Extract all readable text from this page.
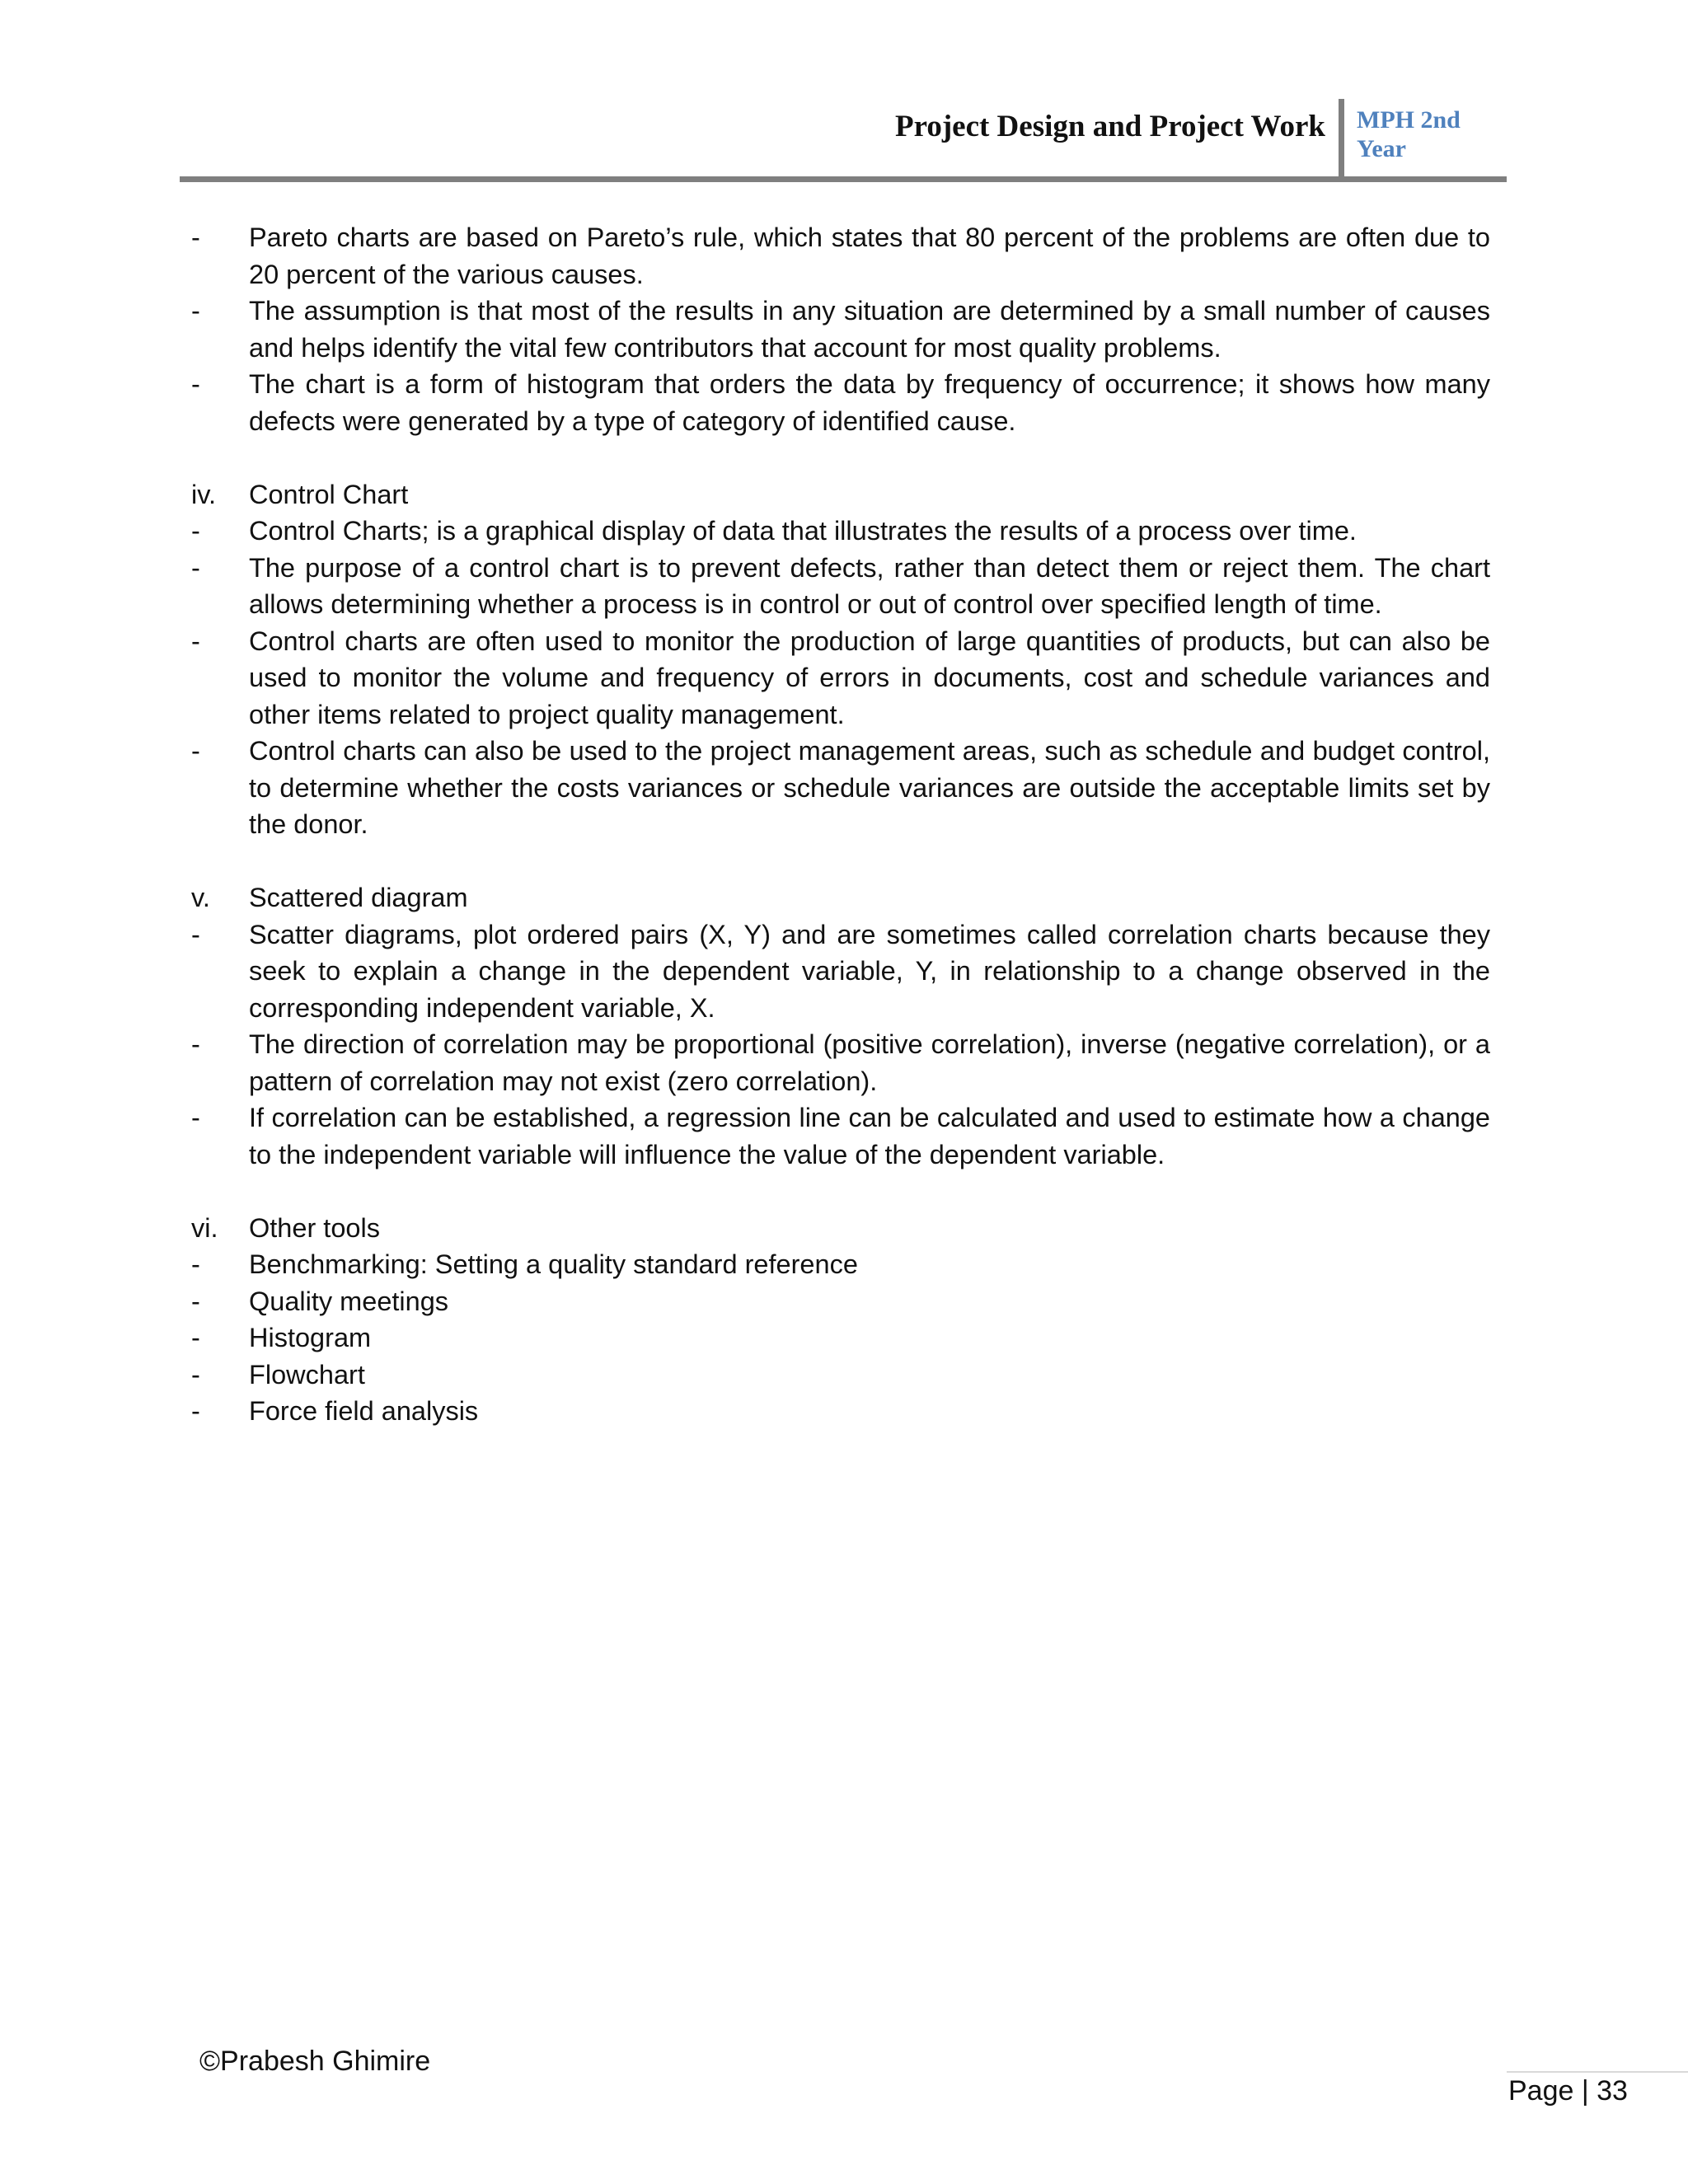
Project Design and Project Work MPH 2nd Year
- Pareto charts are based on Pareto’s rule, which states that 80 percent of the problems are often due to 20 percent of the various causes.
- The assumption is that most of the results in any situation are determined by a small number of causes and helps identify the vital few contributors that account for most quality problems.
- The chart is a form of histogram that orders the data by frequency of occurrence; it shows how many defects were generated by a type of category of identified cause.
iv. Control Chart
- Control Charts; is a graphical display of data that illustrates the results of a process over time.
- The purpose of a control chart is to prevent defects, rather than detect them or reject them. The chart allows determining whether a process is in control or out of control over specified length of time.
- Control charts are often used to monitor the production of large quantities of products, but can also be used to monitor the volume and frequency of errors in documents, cost and schedule variances and other items related to project quality management.
- Control charts can also be used to the project management areas, such as schedule and budget control, to determine whether the costs variances or schedule variances are outside the acceptable limits set by the donor.
v. Scattered diagram
- Scatter diagrams, plot ordered pairs (X, Y) and are sometimes called correlation charts because they seek to explain a change in the dependent variable, Y, in relationship to a change observed in the corresponding independent variable, X.
- The direction of correlation may be proportional (positive correlation), inverse (negative correlation), or a pattern of correlation may not exist (zero correlation).
- If correlation can be established, a regression line can be calculated and used to estimate how a change to the independent variable will influence the value of the dependent variable.
vi. Other tools
- Benchmarking: Setting a quality standard reference
- Quality meetings
- Histogram
- Flowchart
- Force field analysis
©Prabesh Ghimire
Page | 33
